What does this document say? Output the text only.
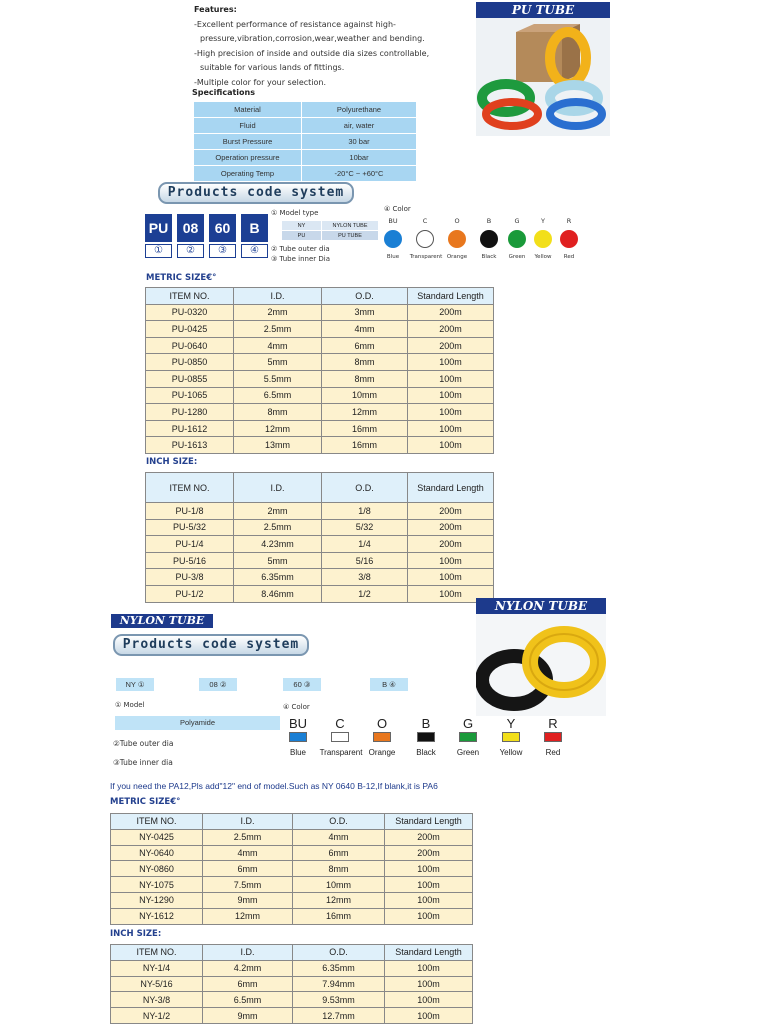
Features:
-Excellent performance of resistance against high-
pressure,vibration,corrosion,wear,weather and bending.
-High precision of inside and outside dia sizes controllable,
suitable for various lands of fittings.
-Multiple color for your selection.
Specifications
Material	Polyurethane
Fluid	air, water
Burst Pressure	30 bar
Operation pressure	10bar
Operating Temp	-20°C ~ +60°C
PU TUBE
Products code system
PU	08	60	B
①	②	③	④
① Model type
NY	NYLON TUBE
PU	PU TUBE
② Tube outer dia
③ Tube inner Dia
④ Color
BU	C	O	B	G	Y	R
Blue	Transparent Orange	Black	Green	Yellow	Red
METRIC SIZE€°
ITEM NO.	I.D.	O.D.	Standard Length
PU-0320	2mm	3mm	200m
PU-0425	2.5mm	4mm	200m
PU-0640	4mm	6mm	200m
PU-0850	5mm	8mm	100m
PU-0855	5.5mm	8mm	100m
PU-1065	6.5mm	10mm	100m
PU-1280	8mm	12mm	100m
PU-1612	12mm	16mm	100m
PU-1613	13mm	16mm	100m
INCH SIZE:
ITEM NO.	I.D.	O.D.	Standard Length
PU-1/8	2mm	1/8	200m
PU-5/32	2.5mm	5/32	200m
PU-1/4	4.23mm	1/4	200m
PU-5/16	5mm	5/16	100m
PU-3/8	6.35mm	3/8	100m
PU-1/2	8.46mm	1/2	100m
NYLON TUBE
Products code system
NYLON TUBE
NY ①	08 ②	60 ③	B ④
① Model
Polyamide
②Tube outer dia
③Tube inner dia
④ Color
BU	C	O	B	G	Y	R
Blue	Transparent Orange	Black	Green	Yellow	Red
If you need the PA12,Pls add"12" end of model.Such as NY 0640 B-12,If blank,it is PA6
METRIC SIZE€°
ITEM NO.	I.D.	O.D.	Standard Length
NY-0425	2.5mm	4mm	200m
NY-0640	4mm	6mm	200m
NY-0860	6mm	8mm	100m
NY-1075	7.5mm	10mm	100m
NY-1290	9mm	12mm	100m
NY-1612	12mm	16mm	100m
INCH SIZE:
ITEM NO.	I.D.	O.D.	Standard Length
NY-1/4	4.2mm	6.35mm	100m
NY-5/16	6mm	7.94mm	100m
NY-3/8	6.5mm	9.53mm	100m
NY-1/2	9mm	12.7mm	100m
